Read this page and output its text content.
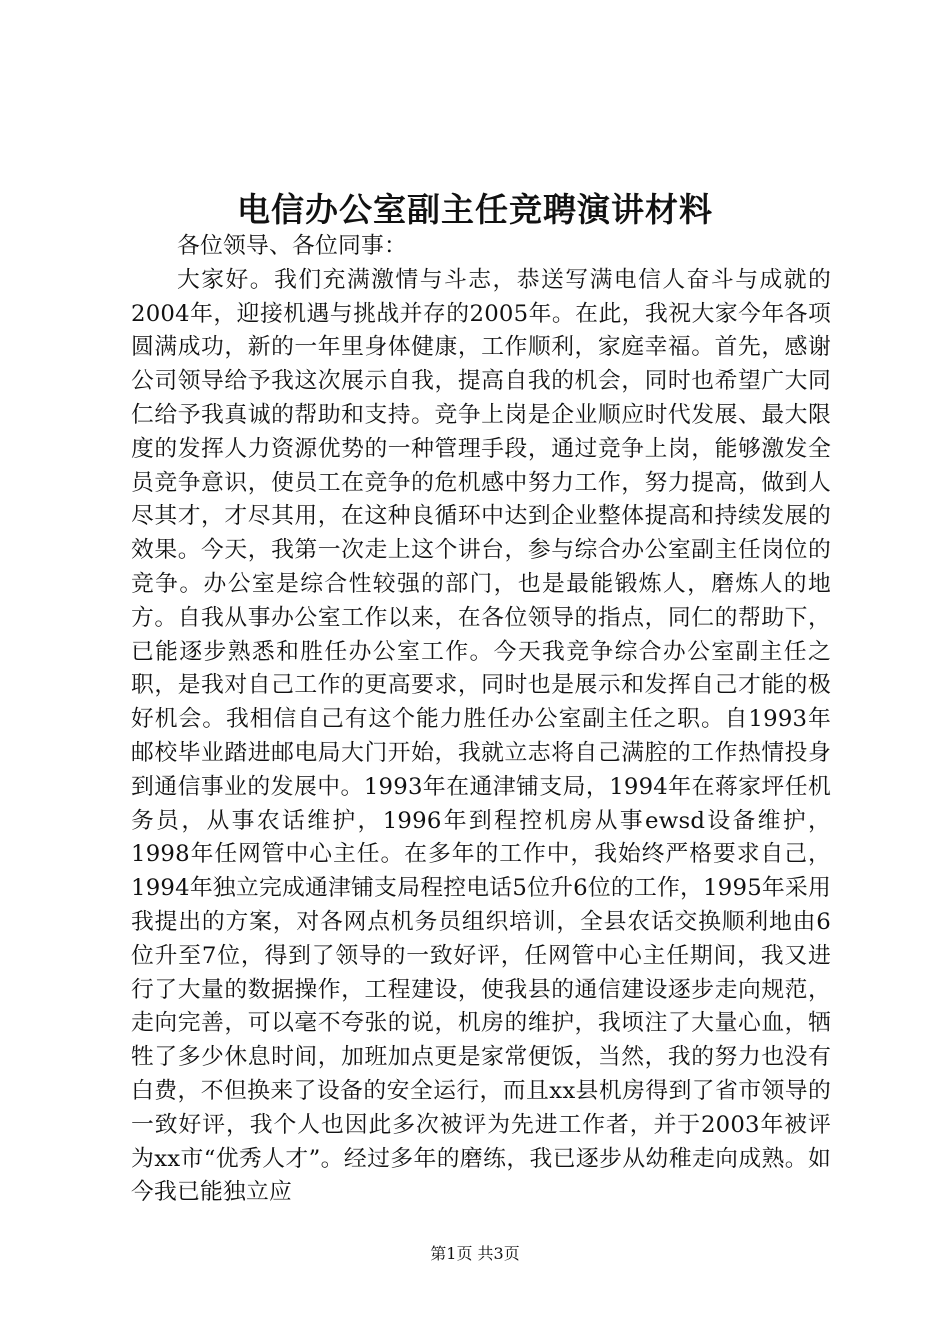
电信办公室副主任竞聘演讲材料

各位领导、各位同事：

大家好。我们充满激情与斗志，恭送写满电信人奋斗与成就的2004年，迎接机遇与挑战并存的2005年。在此，我祝大家今年各项圆满成功，新的一年里身体健康，工作顺利，家庭幸福。首先，感谢公司领导给予我这次展示自我，提高自我的机会，同时也希望广大同仁给予我真诚的帮助和支持。竞争上岗是企业顺应时代发展、最大限度的发挥人力资源优势的一种管理手段，通过竞争上岗，能够激发全员竞争意识，使员工在竞争的危机感中努力工作，努力提高，做到人尽其才，才尽其用，在这种良循环中达到企业整体提高和持续发展的效果。今天，我第一次走上这个讲台，参与综合办公室副主任岗位的竞争。办公室是综合性较强的部门，也是最能锻炼人，磨炼人的地方。自我从事办公室工作以来，在各位领导的指点，同仁的帮助下，已能逐步熟悉和胜任办公室工作。今天我竞争综合办公室副主任之职，是我对自己工作的更高要求，同时也是展示和发挥自己才能的极好机会。我相信自己有这个能力胜任办公室副主任之职。自1993年邮校毕业踏进邮电局大门开始，我就立志将自己满腔的工作热情投身到通信事业的发展中。1993年在通津铺支局，1994年在蒋家坪任机务员，从事农话维护，1996年到程控机房从事ewsd设备维护，1998年任网管中心主任。在多年的工作中，我始终严格要求自己，1994年独立完成通津铺支局程控电话5位升6位的工作，1995年采用我提出的方案，对各网点机务员组织培训，全县农话交换顺利地由6位升至7位，得到了领导的一致好评，任网管中心主任期间，我又进行了大量的数据操作，工程建设，使我县的通信建设逐步走向规范，走向完善，可以毫不夸张的说，机房的维护，我顷注了大量心血，牺牲了多少休息时间，加班加点更是家常便饭，当然，我的努力也没有白费，不但换来了设备的安全运行，而且xx县机房得到了省市领导的一致好评，我个人也因此多次被评为先进工作者，并于2003年被评为xx市“优秀人才”。经过多年的磨练，我已逐步从幼稚走向成熟。如今我已能独立应

第1页 共3页
